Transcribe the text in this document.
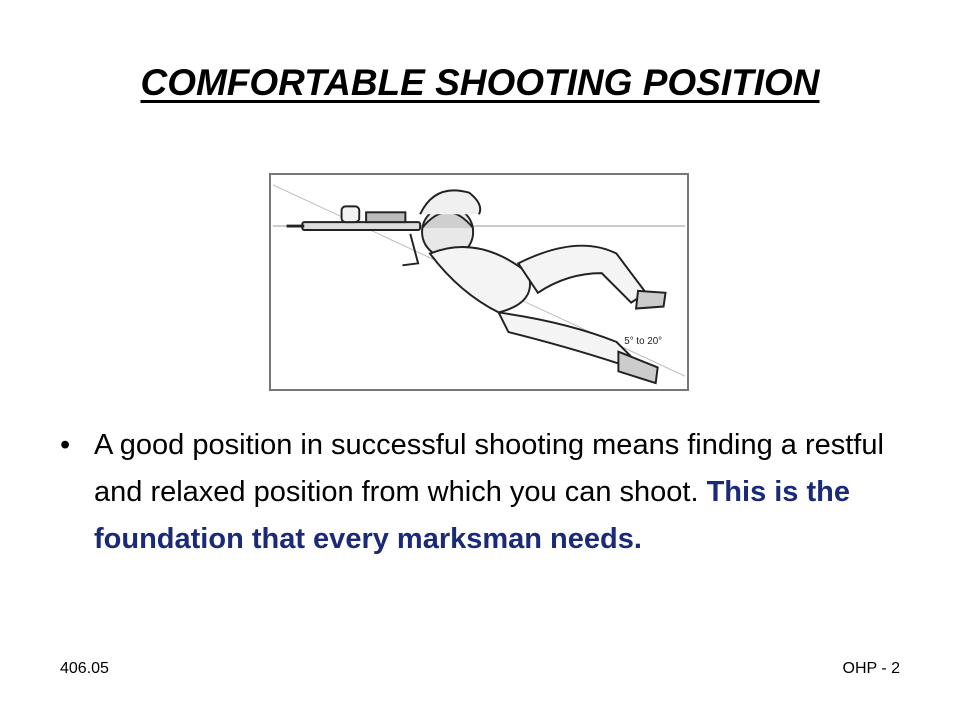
COMFORTABLE SHOOTING POSITION
5° to 20°
• A good position in successful shooting means finding a restful and relaxed position from which you can shoot. This is the foundation that every marksman needs.
406.05	OHP - 2
